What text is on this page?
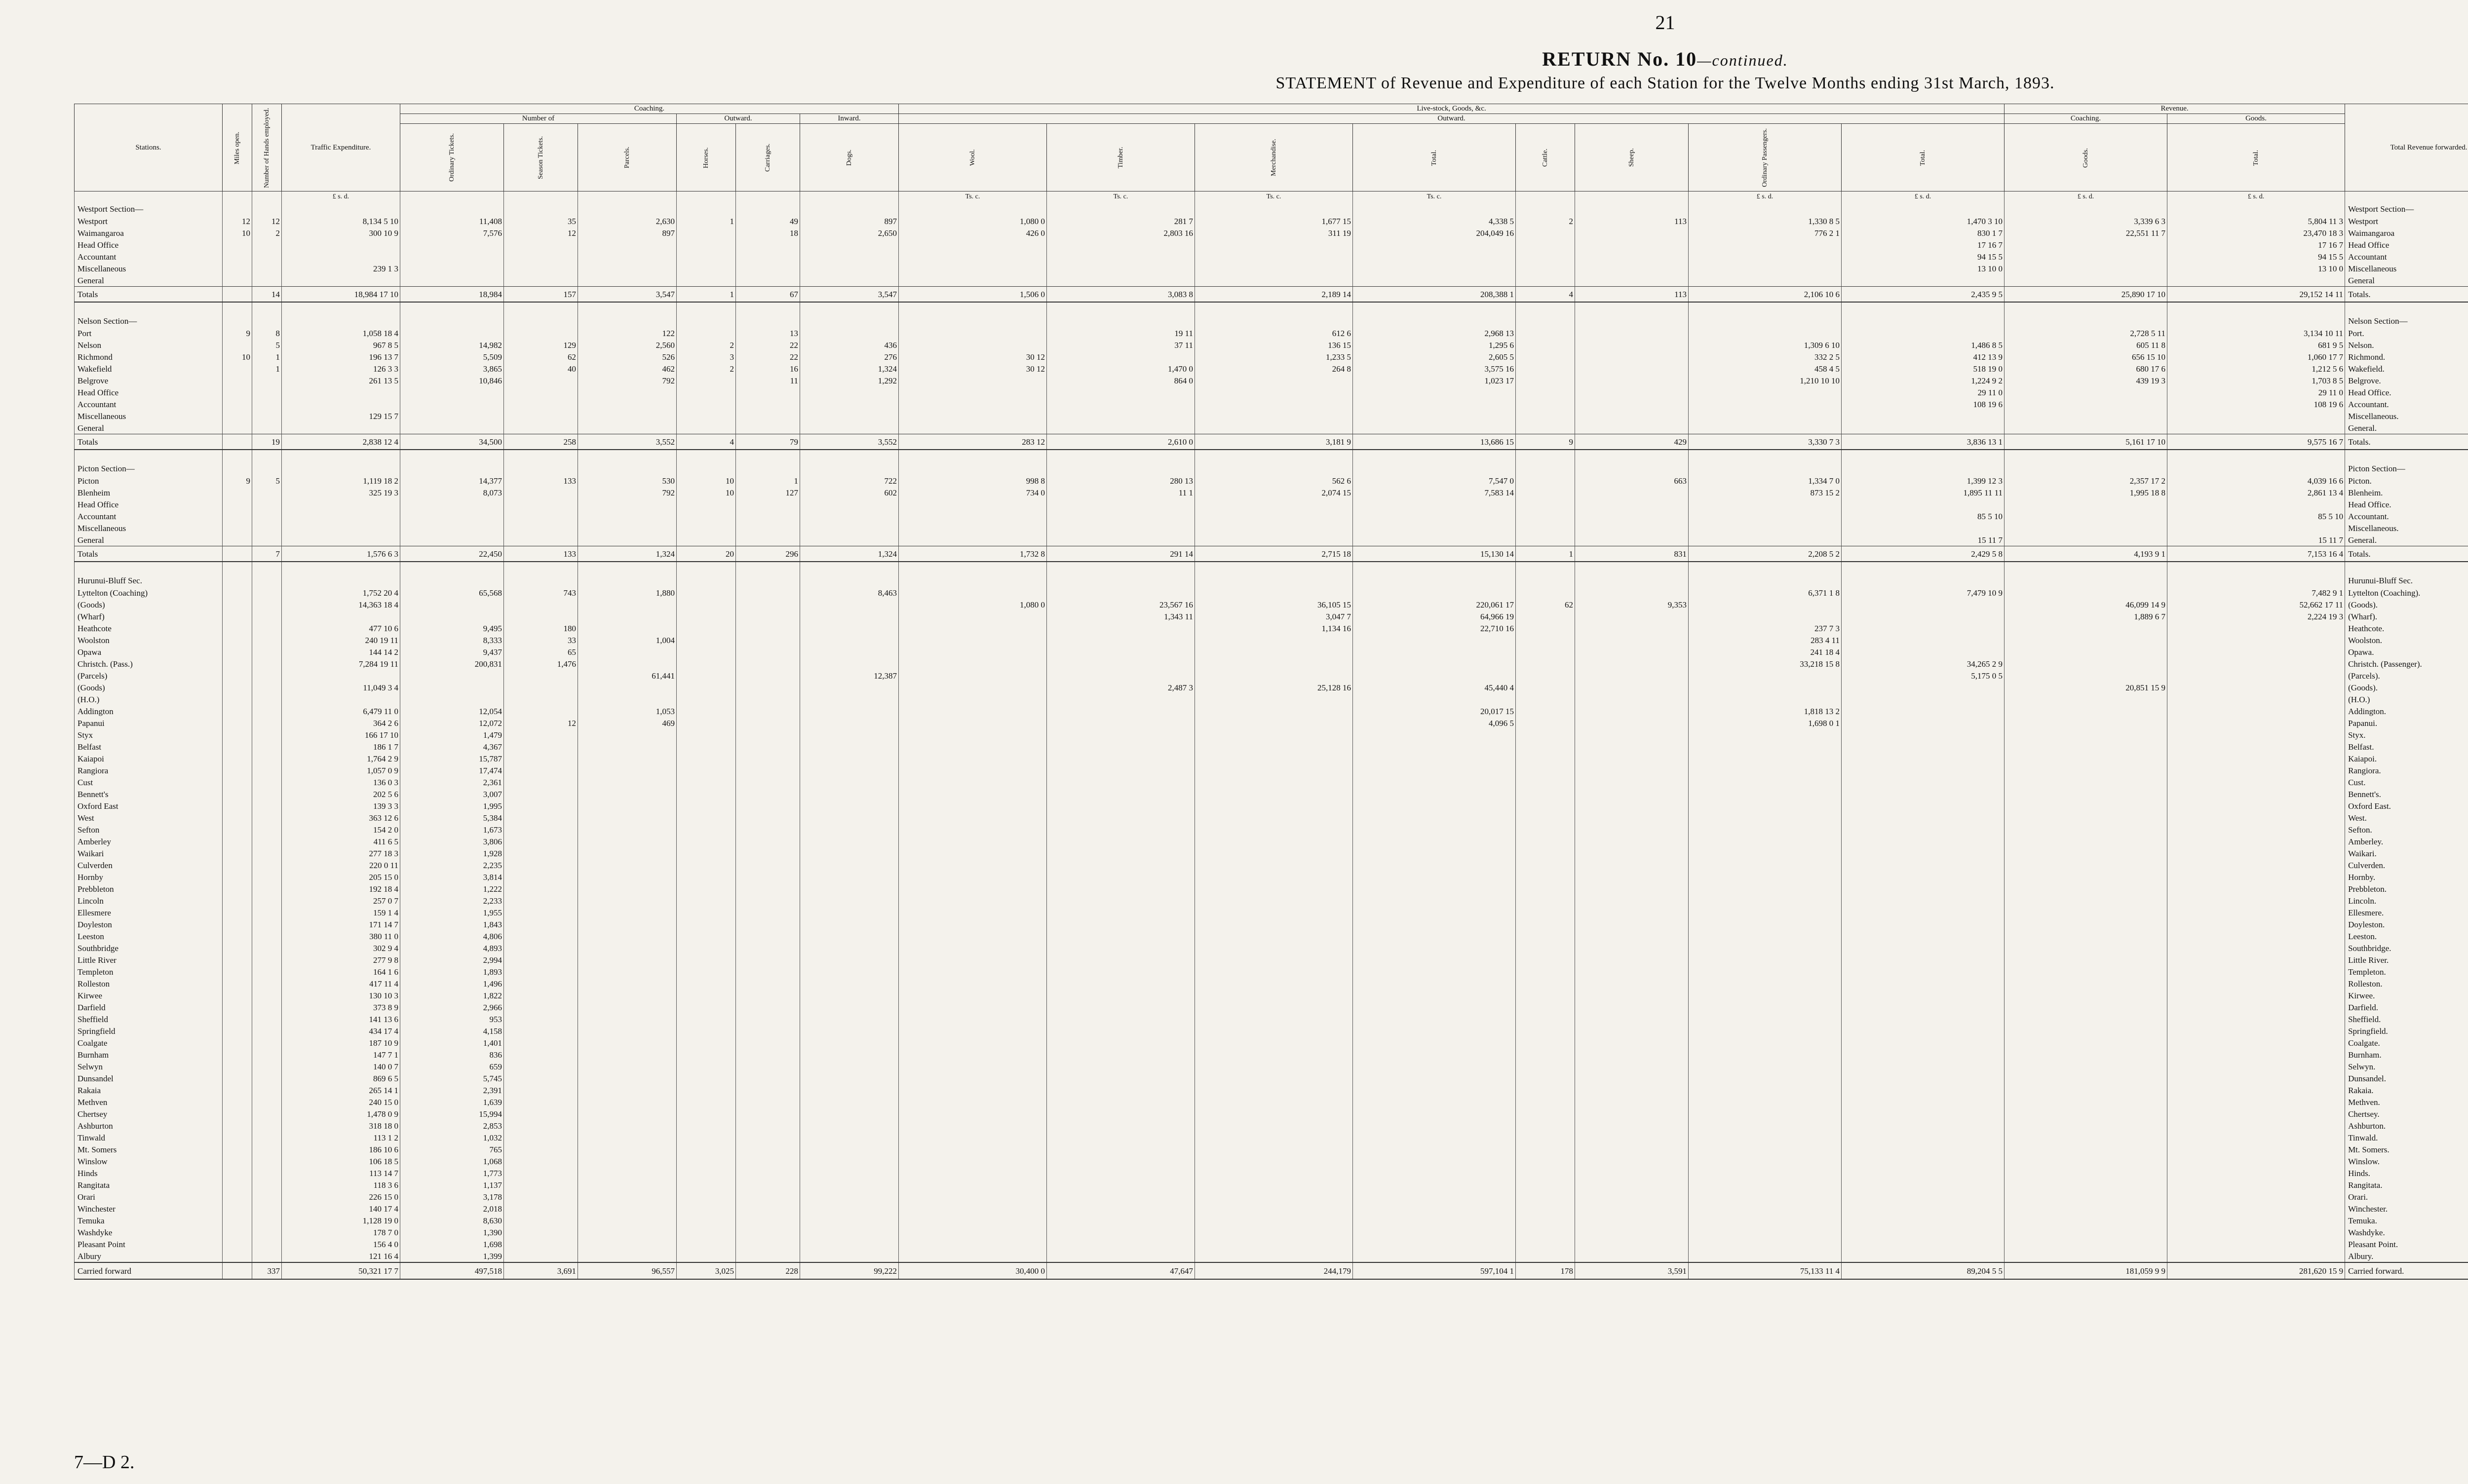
21
RETURN No. 10—continued.
STATEMENT of Revenue and Expenditure of each Station for the Twelve Months ending 31st March, 1893.
Stations.	Miles open.	Number of Hands employed.	Traffic Expenditure.	Coaching.						Live-stock, Goods, &c.								Revenue.		Total Revenue forwarded.	
				Number of			Outward.		Inward.	Outward.								Coaching.	Goods.		
				Ordinary Tickets.	Season Tickets.	Parcels.	Horses.	Carriages.	Dogs.	Wool.	Timber.	Merchandise.	Total.	Cattle.	Sheep.	Ordinary Passengers.	Total.	Goods.	Total.		
			£ s. d.							Ts. c.	Ts. c.	Ts. c.	Ts. c.			£ s. d.	£ s. d.	£ s. d.	£ s. d.		
Westport Section—																				Westport Section—	
Westport	12	12	8,134 5 10	11,408	35	2,630	1	49	897	1,080 0	281 7	1,677 15	4,338 5	2	113	1,330 8 5	1,470 3 10	3,339 6 3	5,804 11 3	Westport	
Waimangaroa	10	2	300 10 9	7,576	12	897		18	2,650	426 0	2,803 16	311 19	204,049 16			776 2 1	830 1 7	22,551 11 7	23,470 18 3	Waimangaroa	
Head Office																	17 16 7		17 16 7	Head Office	
Accountant																	94 15 5		94 15 5	Accountant	
Miscellaneous			239 1 3														13 10 0		13 10 0	Miscellaneous	
General																				General	
Totals		14	18,984 17 10	18,984	157	3,547	1	67	3,547	1,506 0	3,083 8	2,189 14	208,388 1	4	113	2,106 10 6	2,435 9 5	25,890 17 10	29,152 14 11	Totals.	

Nelson Section—																				Nelson Section—	
Port	9	8	1,058 18 4			122		13			19 11	612 6	2,968 13					2,728 5 11	3,134 10 11	Port.	
Nelson		5	967 8 5	14,982	129	2,560	2	22	436		37 11	136 15	1,295 6			1,309 6 10	1,486 8 5	605 11 8	681 9 5	Nelson.	
Richmond	10	1	196 13 7	5,509	62	526	3	22	276	30 12		1,233 5	2,605 5			332 2 5	412 13 9	656 15 10	1,060 17 7	Richmond.	
Wakefield		1	126 3 3	3,865	40	462	2	16	1,324	30 12	1,470 0	264 8	3,575 16			458 4 5	518 19 0	680 17 6	1,212 5 6	Wakefield.	
Belgrove			261 13 5	10,846		792		11	1,292		864 0		1,023 17			1,210 10 10	1,224 9 2	439 19 3	1,703 8 5	Belgrove.	
Head Office																	29 11 0		29 11 0	Head Office.	
Accountant																	108 19 6		108 19 6	Accountant.	
Miscellaneous			129 15 7																	Miscellaneous.	
General																				General.	
Totals		19	2,838 12 4	34,500	258	3,552	4	79	3,552	283 12	2,610 0	3,181 9	13,686 15	9	429	3,330 7 3	3,836 13 1	5,161 17 10	9,575 16 7	Totals.	

Picton Section—																				Picton Section—	
Picton	9	5	1,119 18 2	14,377	133	530	10	1	722	998 8	280 13	562 6	7,547 0		663	1,334 7 0	1,399 12 3	2,357 17 2	4,039 16 6	Picton.	
Blenheim			325 19 3	8,073		792	10	127	602	734 0	11 1	2,074 15	7,583 14			873 15 2	1,895 11 11	1,995 18 8	2,861 13 4	Blenheim.	
Head Office																				Head Office.	
Accountant																	85 5 10		85 5 10	Accountant.	
Miscellaneous																				Miscellaneous.	
General																	15 11 7		15 11 7	General.	
Totals		7	1,576 6 3	22,450	133	1,324	20	296	1,324	1,732 8	291 14	2,715 18	15,130 14	1	831	2,208 5 2	2,429 5 8	4,193 9 1	7,153 16 4	Totals.	

Hurunui-Bluff Sec.																				Hurunui-Bluff Sec.	
Lyttelton (Coaching)			1,752 20 4	65,568	743	1,880			8,463							6,371 1 8	7,479 10 9		7,482 9 1	Lyttelton (Coaching).	
(Goods)			14,363 18 4							1,080 0	23,567 16	36,105 15	220,061 17	62	9,353			46,099 14 9	52,662 17 11	(Goods).	
(Wharf)											1,343 11	3,047 7	64,966 19					1,889 6 7	2,224 19 3	(Wharf).	
Heathcote			477 10 6	9,495	180							1,134 16	22,710 16			237 7 3				Heathcote.	
Woolston			240 19 11	8,333	33	1,004										283 4 11				Woolston.	
Opawa			144 14 2	9,437	65											241 18 4				Opawa.	
Christch. (Pass.)			7,284 19 11	200,831	1,476											33,218 15 8	34,265 2 9			Christch. (Passenger).	
(Parcels)						61,441			12,387								5,175 0 5			(Parcels).	
(Goods)			11,049 3 4								2,487 3	25,128 16	45,440 4					20,851 15 9		(Goods).	
(H.O.)																				(H.O.)	
Addington			6,479 11 0	12,054		1,053							20,017 15			1,818 13 2				Addington.	
Papanui			364 2 6	12,072	12	469							4,096 5			1,698 0 1				Papanui.	
Styx			166 17 10	1,479																Styx.	
Belfast			186 1 7	4,367																Belfast.	
Kaiapoi			1,764 2 9	15,787																Kaiapoi.	
Rangiora			1,057 0 9	17,474																Rangiora.	
Cust			136 0 3	2,361																Cust.	
Bennett's			202 5 6	3,007																Bennett's.	
Oxford East			139 3 3	1,995																Oxford East.	
West			363 12 6	5,384																West.	
Sefton			154 2 0	1,673																Sefton.	
Amberley			411 6 5	3,806																Amberley.	
Waikari			277 18 3	1,928																Waikari.	
Culverden			220 0 11	2,235																Culverden.	
Hornby			205 15 0	3,814																Hornby.	
Prebbleton			192 18 4	1,222																Prebbleton.	
Lincoln			257 0 7	2,233																Lincoln.	
Ellesmere			159 1 4	1,955																Ellesmere.	
Doyleston			171 14 7	1,843																Doyleston.	
Leeston			380 11 0	4,806																Leeston.	
Southbridge			302 9 4	4,893																Southbridge.	
Little River			277 9 8	2,994																Little River.	
Templeton			164 1 6	1,893																Templeton.	
Rolleston			417 11 4	1,496																Rolleston.	
Kirwee			130 10 3	1,822																Kirwee.	
Darfield			373 8 9	2,966																Darfield.	
Sheffield			141 13 6	953																Sheffield.	
Springfield			434 17 4	4,158																Springfield.	
Coalgate			187 10 9	1,401																Coalgate.	
Burnham			147 7 1	836																Burnham.	
Selwyn			140 0 7	659																Selwyn.	
Dunsandel			869 6 5	5,745																Dunsandel.	
Rakaia			265 14 1	2,391																Rakaia.	
Methven			240 15 0	1,639																Methven.	
Chertsey			1,478 0 9	15,994																Chertsey.	
Ashburton			318 18 0	2,853																Ashburton.	
Tinwald			113 1 2	1,032																Tinwald.	
Mt. Somers			186 10 6	765																Mt. Somers.	
Winslow			106 18 5	1,068																Winslow.	
Hinds			113 14 7	1,773																Hinds.	
Rangitata			118 3 6	1,137																Rangitata.	
Orari			226 15 0	3,178																Orari.	
Winchester			140 17 4	2,018																Winchester.	
Temuka			1,128 19 0	8,630																Temuka.	
Washdyke			178 7 0	1,390																Washdyke.	
Pleasant Point			156 4 0	1,698																Pleasant Point.	
Albury			121 16 4	1,399																Albury.	
Carried forward		337	50,321 17 7	497,518	3,691	96,557	3,025	228	99,222	30,400 0	47,647	244,179	597,104 1	178	3,591	75,133 11 4	89,204 5 5	181,059 9 9	281,620 15 9	Carried forward.	
7—D 2.
